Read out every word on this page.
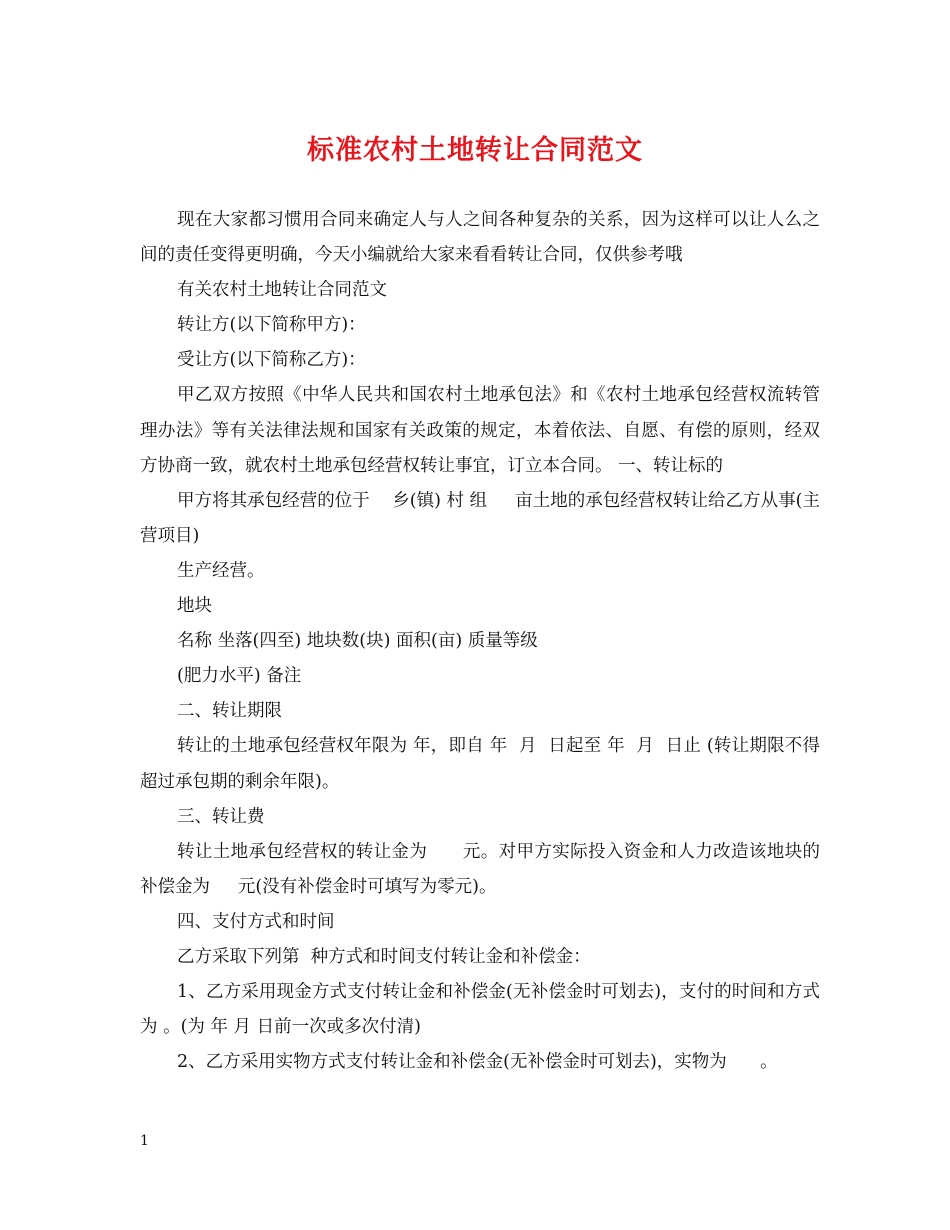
标准农村土地转让合同范文

现在大家都习惯用合同来确定人与人之间各种复杂的关系，因为这样可以让人么之间的责任变得更明确，今天小编就给大家来看看转让合同，仅供参考哦

有关农村土地转让合同范文

转让方(以下简称甲方)：

受让方(以下简称乙方)：

甲乙双方按照《中华人民共和国农村土地承包法》和《农村土地承包经营权流转管理办法》等有关法律法规和国家有关政策的规定，本着依法、自愿、有偿的原则，经双方协商一致，就农村土地承包经营权转让事宜，订立本合同。 一、转让标的

甲方将其承包经营的位于    乡(镇) 村 组     亩土地的承包经营权转让给乙方从事(主营项目)

生产经营。

地块

名称 坐落(四至) 地块数(块) 面积(亩) 质量等级

(肥力水平) 备注

二、转让期限

转让的土地承包经营权年限为 年，即自 年  月  日起至 年  月  日止 (转让期限不得超过承包期的剩余年限)。

三、转让费

转让土地承包经营权的转让金为      元。对甲方实际投入资金和人力改造该地块的补偿金为     元(没有补偿金时可填写为零元)。

四、支付方式和时间

乙方采取下列第  种方式和时间支付转让金和补偿金：

1、乙方采用现金方式支付转让金和补偿金(无补偿金时可划去)，支付的时间和方式为 。(为 年 月 日前一次或多次付清)

2、乙方采用实物方式支付转让金和补偿金(无补偿金时可划去)，实物为      。

1
